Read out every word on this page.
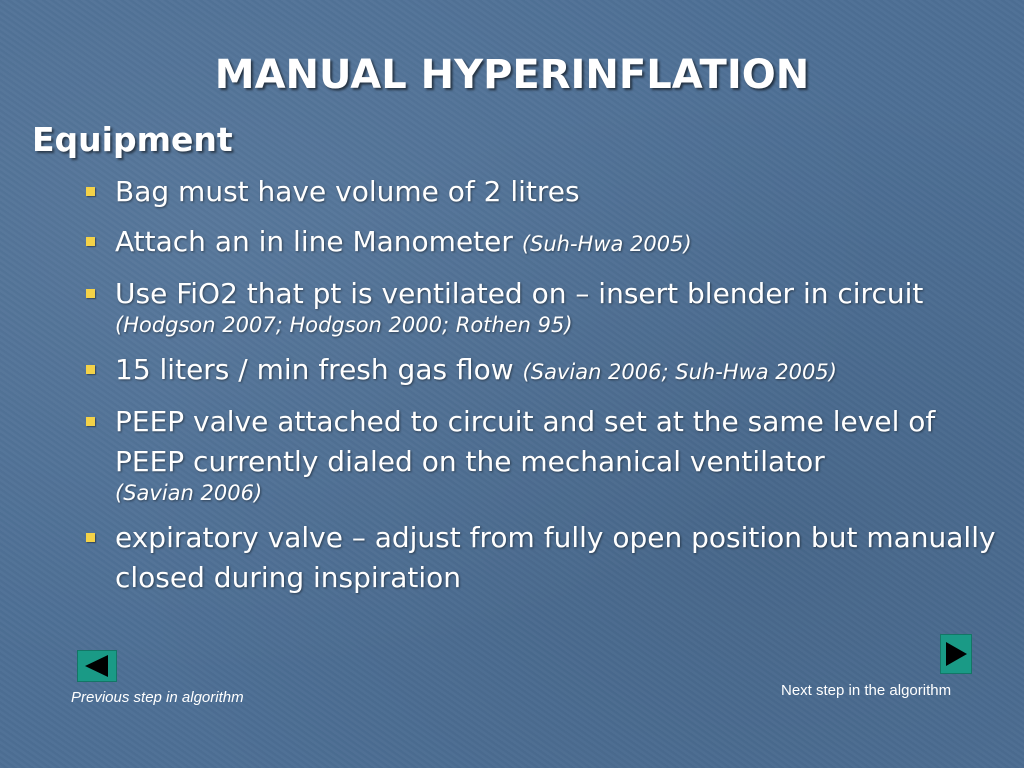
MANUAL HYPERINFLATION
Equipment
Bag must have volume of 2 litres
Attach an in line Manometer (Suh-Hwa 2005)
Use FiO2 that pt is ventilated on – insert blender in circuit
(Hodgson 2007; Hodgson 2000; Rothen 95)
15 liters / min fresh gas flow (Savian 2006; Suh-Hwa 2005)
PEEP valve attached to circuit and set at the same level of PEEP currently dialed on the mechanical ventilator
(Savian 2006)
expiratory valve – adjust from fully open position but manually closed during inspiration
Previous step in algorithm	Next step in the algorithm
